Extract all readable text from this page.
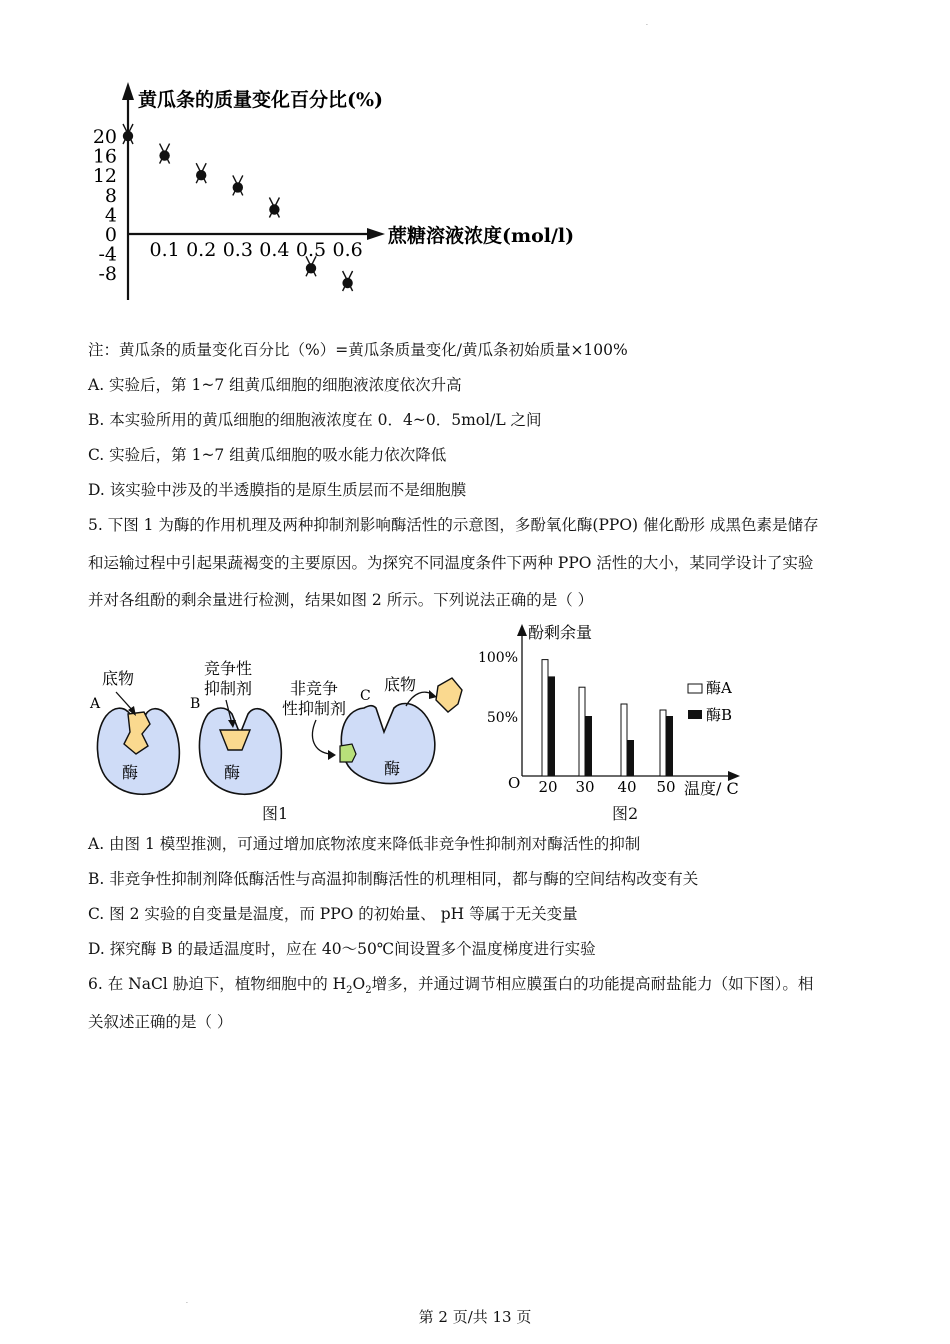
·
·
黄瓜条的质量变化百分比(%)
蔗糖溶液浓度(mol/l)
20
16
12
8
4
0
-4
-8
0.1 0.2 0.3 0.4 0.5 0.6
注：黄瓜条的质量变化百分比（%）=黄瓜条质量变化/黄瓜条初始质量×100%
A. 实验后，第 1~7 组黄瓜细胞的细胞液浓度依次升高
B. 本实验所用的黄瓜细胞的细胞液浓度在 0．4~0．5mol/L 之间
C. 实验后，第 1~7 组黄瓜细胞的吸水能力依次降低
D. 该实验中涉及的半透膜指的是原生质层而不是细胞膜
5. 下图 1 为酶的作用机理及两种抑制剂影响酶活性的示意图，多酚氧化酶(PPO) 催化酚形 成黑色素是储存
和运输过程中引起果蔬褐变的主要原因。为探究不同温度条件下两种 PPO 活性的大小，某同学设计了实验
并对各组酚的剩余量进行检测，结果如图 2 所示。下列说法正确的是（ ）
底物
A
酶
竞争性
抑制剂
B
酶
非竞争
性抑制剂
C
底物
酶
图1
酚剩余量
温度/ C
O
100%
50%
20 30 40 50
酶A
酶B
图2
A. 由图 1 模型推测，可通过增加底物浓度来降低非竞争性抑制剂对酶活性的抑制
B. 非竞争性抑制剂降低酶活性与高温抑制酶活性的机理相同，都与酶的空间结构改变有关
C. 图 2 实验的自变量是温度，而 PPO 的初始量、 pH 等属于无关变量
D. 探究酶 B 的最适温度时，应在 40～50℃间设置多个温度梯度进行实验
6. 在 NaCl 胁迫下，植物细胞中的 $H_2O_2$增多，并通过调节相应膜蛋白的功能提高耐盐能力（如下图）。相
关叙述正确的是（ ）
第 2 页/共 13 页
